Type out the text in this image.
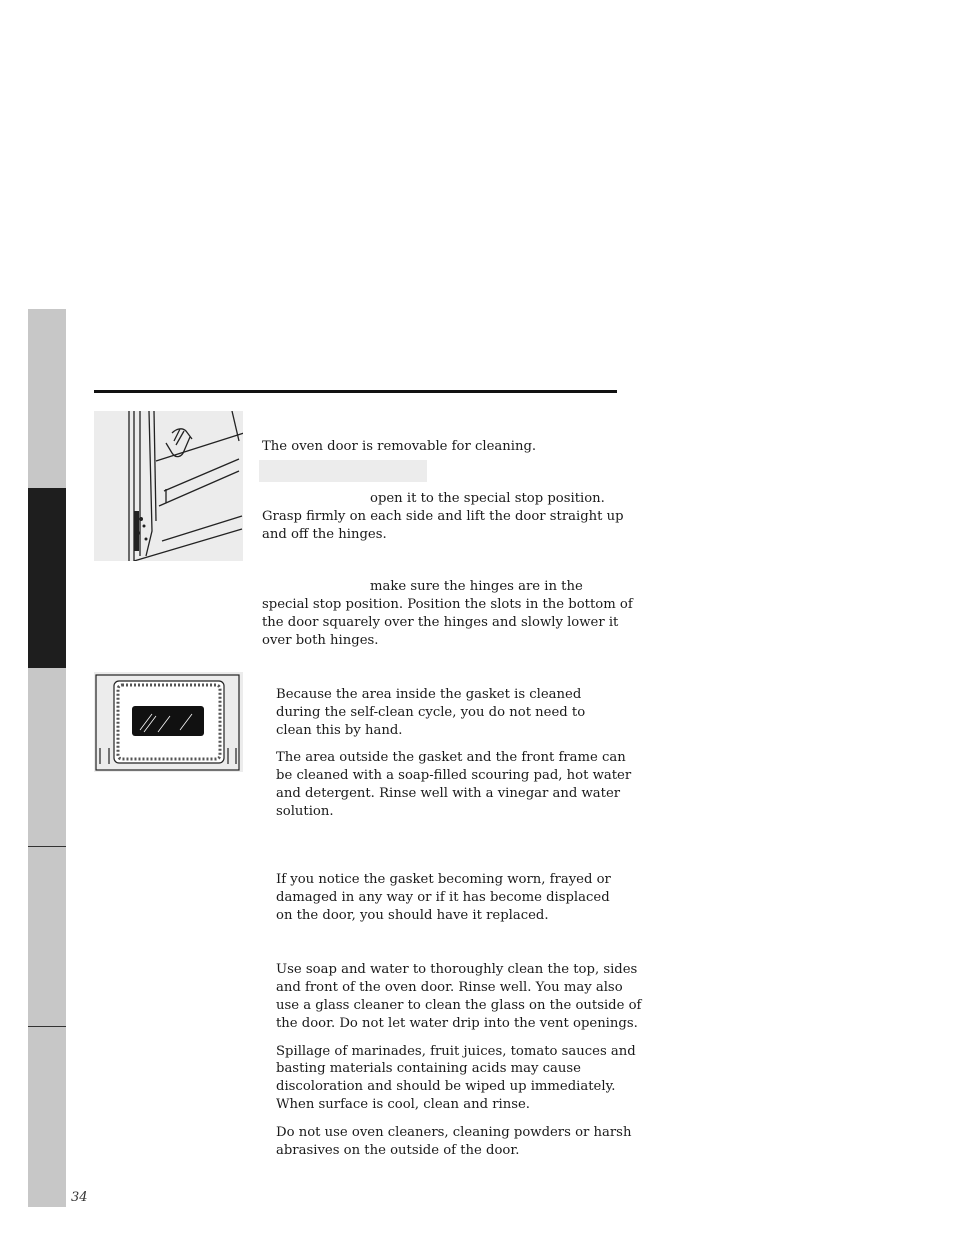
The oven door is removable for cleaning.

open it to the special stop position.

Grasp firmly on each side and lift the door straight up

and off the hinges.

make sure the hinges are in the

special stop position. Position the slots in the bottom of

the door squarely over the hinges and slowly lower it

over both hinges.

Because the area inside the gasket is cleaned

during the self-clean cycle, you do not need to

clean this by hand.

The area outside the gasket and the front frame can

be cleaned with a soap-filled scouring pad, hot water

and detergent. Rinse well with a vinegar and water

solution.

If you notice the gasket becoming worn, frayed or

damaged in any way or if it has become displaced

on the door, you should have it replaced.

Use soap and water to thoroughly clean the top, sides

and front of the oven door. Rinse well. You may also

use a glass cleaner to clean the glass on the outside of

the door. Do not let water drip into the vent openings.

Spillage of marinades, fruit juices, tomato sauces and

basting materials containing acids may cause

discoloration and should be wiped up immediately.

When surface is cool, clean and rinse.

Do not use oven cleaners, cleaning powders or harsh

abrasives on the outside of the door.

34
